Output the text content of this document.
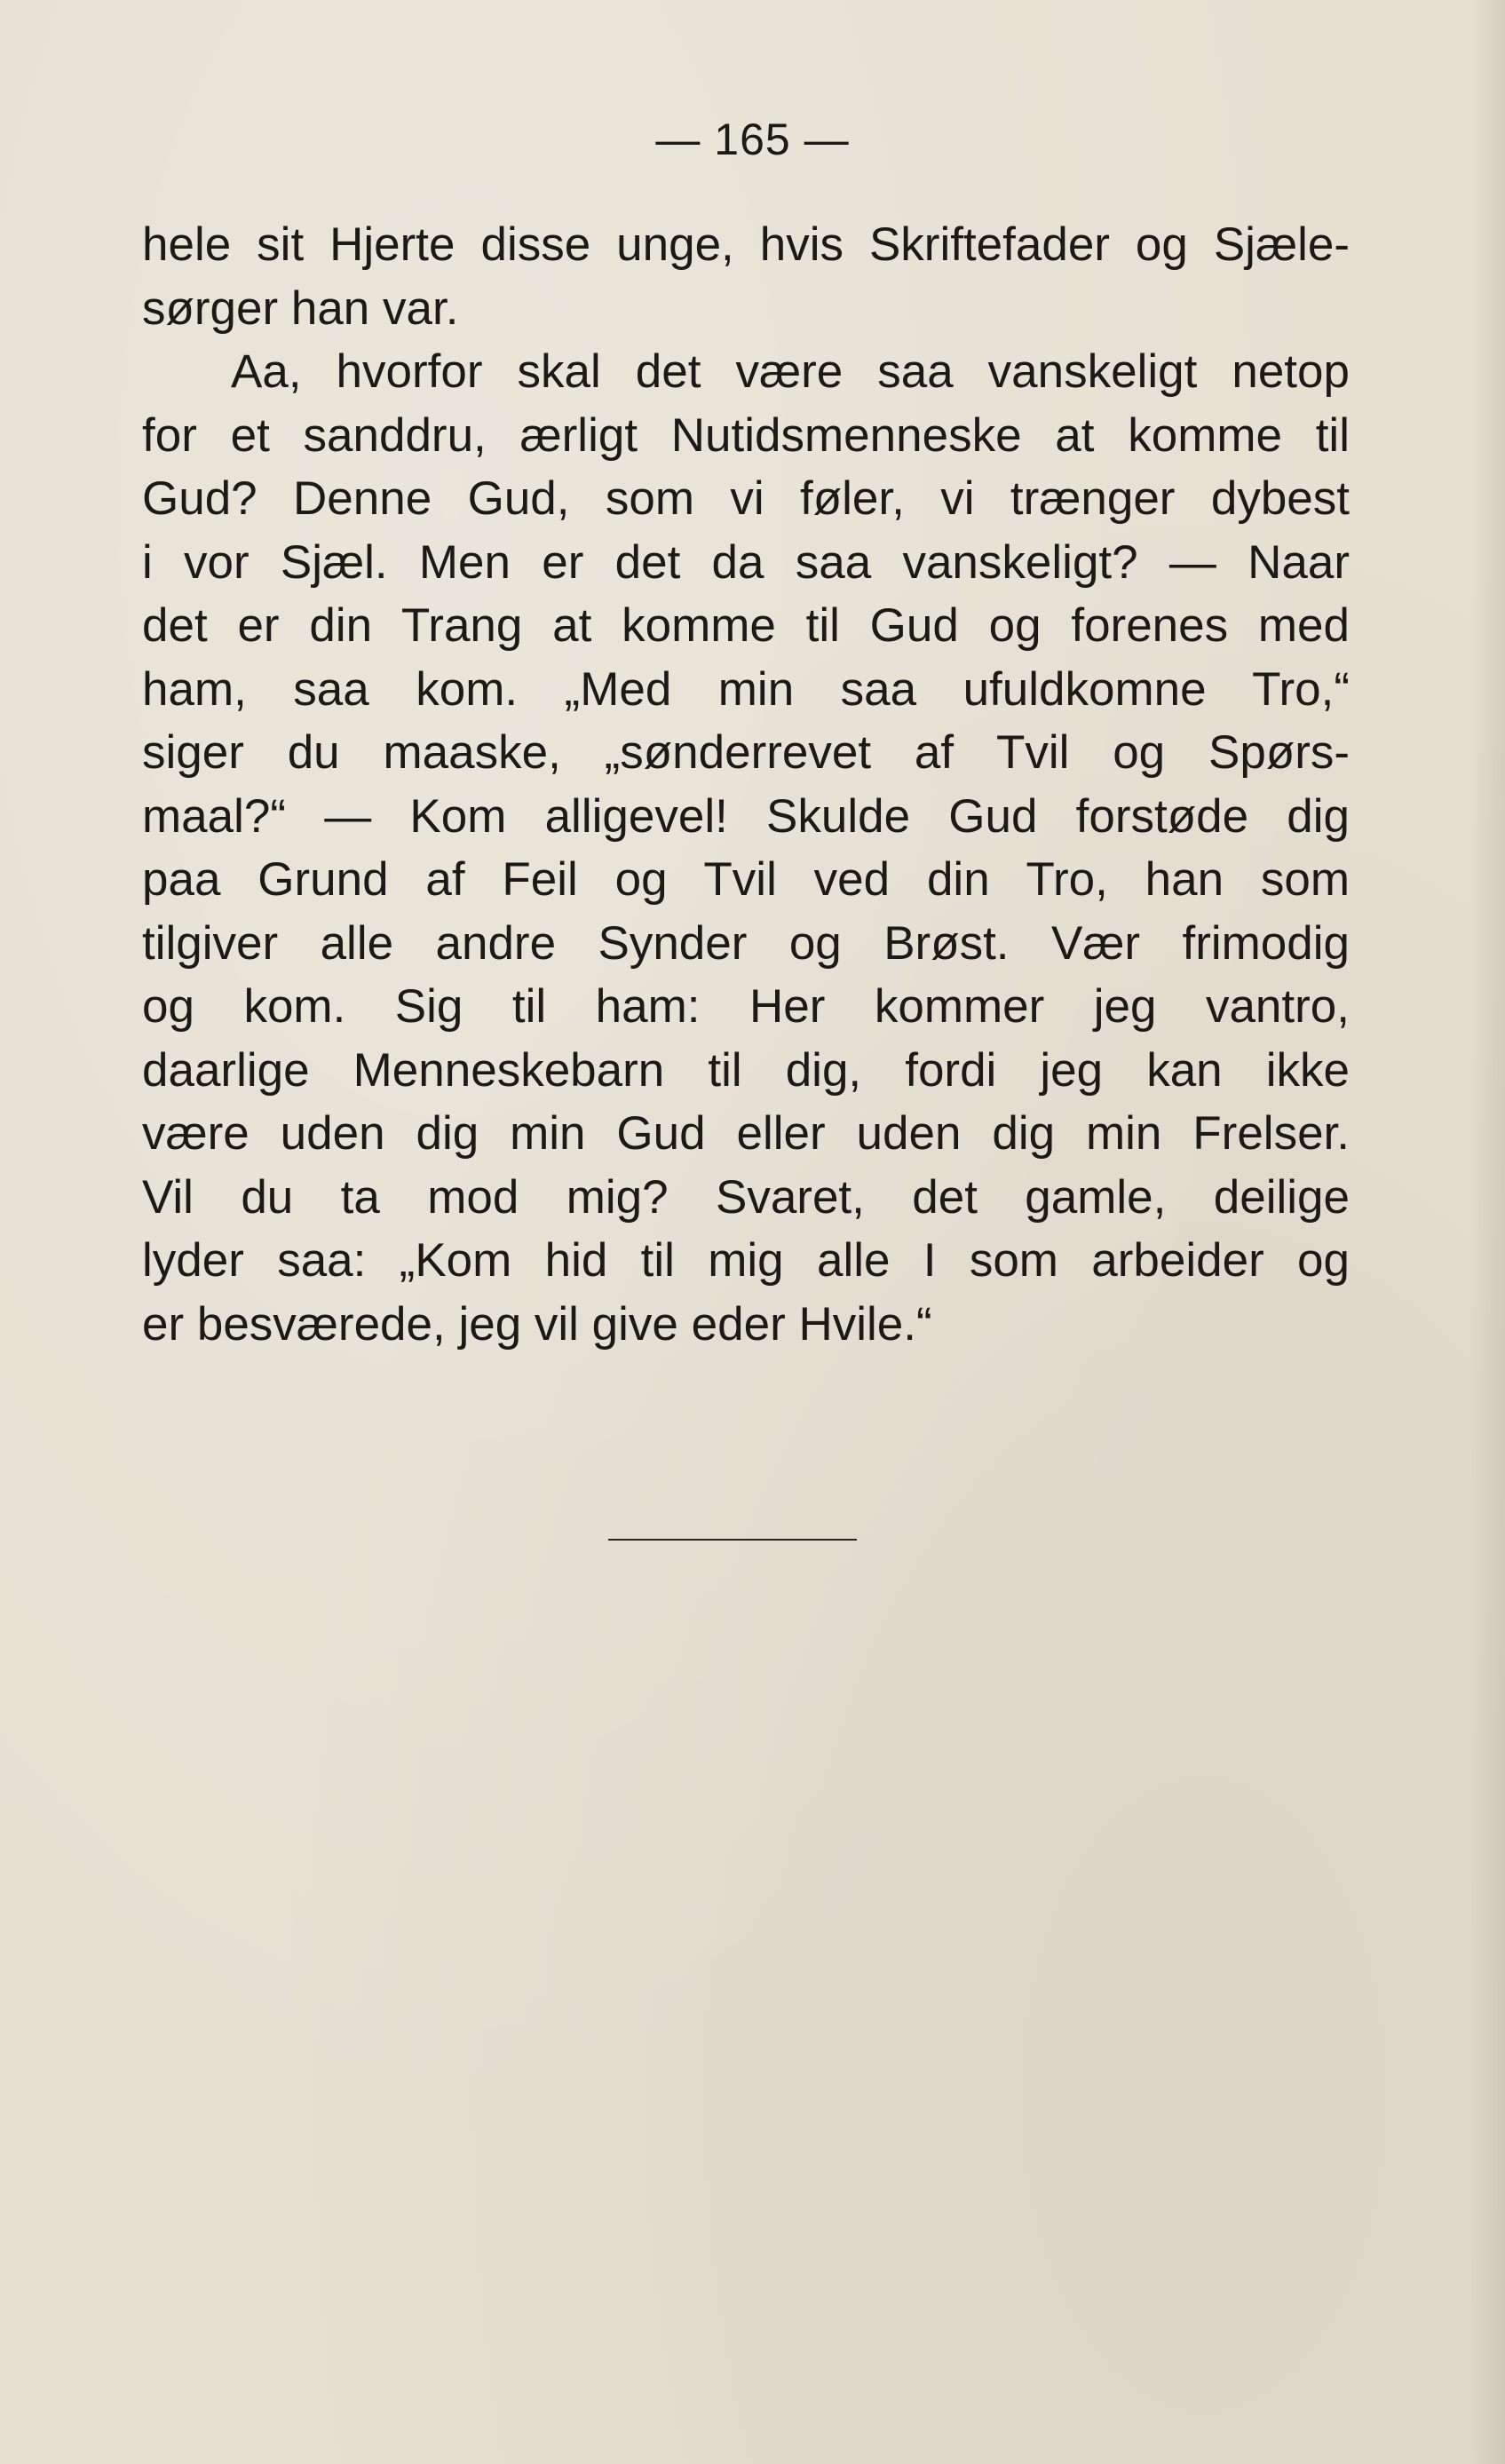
— 165 —

hele sit Hjerte disse unge, hvis Skriftefader og Sjæle-
sørger han var.

Aa, hvorfor skal det være saa vanskeligt netop
for et sanddru, ærligt Nutidsmenneske at komme til
Gud? Denne Gud, som vi føler, vi trænger dybest
i vor Sjæl. Men er det da saa vanskeligt? — Naar
det er din Trang at komme til Gud og forenes med
ham, saa kom. „Med min saa ufuldkomne Tro,“
siger du maaske, „sønderrevet af Tvil og Spørs-
maal?“ — Kom alligevel! Skulde Gud forstøde dig
paa Grund af Feil og Tvil ved din Tro, han som
tilgiver alle andre Synder og Brøst. Vær frimodig
og kom. Sig til ham: Her kommer jeg vantro,
daarlige Menneskebarn til dig, fordi jeg kan ikke
være uden dig min Gud eller uden dig min Frelser.
Vil du ta mod mig? Svaret, det gamle, deilige
lyder saa: „Kom hid til mig alle I som arbeider og
er besværede, jeg vil give eder Hvile.“
